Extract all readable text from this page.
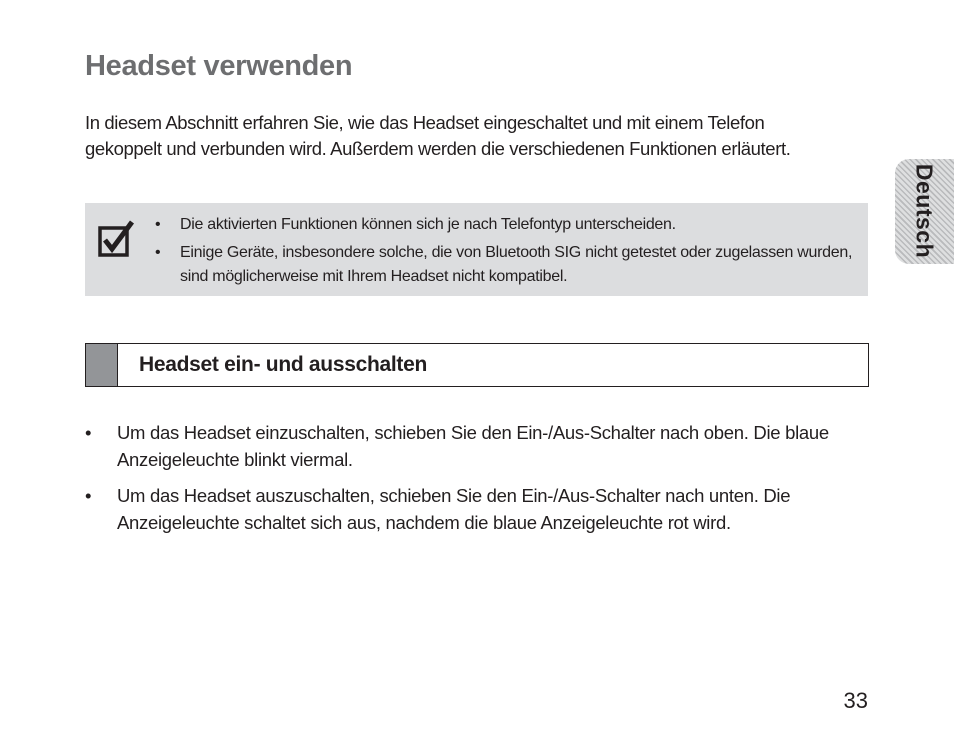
Headset verwenden

In diesem Abschnitt erfahren Sie, wie das Headset eingeschaltet und mit einem Telefon gekoppelt und verbunden wird. Außerdem werden die verschiedenen Funktionen erläutert.

• Die aktivierten Funktionen können sich je nach Telefontyp unterscheiden.
• Einige Geräte, insbesondere solche, die von Bluetooth SIG nicht getestet oder zugelassen wurden, sind möglicherweise mit Ihrem Headset nicht kompatibel.
Headset ein- und ausschalten
• Um das Headset einzuschalten, schieben Sie den Ein-/Aus-Schalter nach oben. Die blaue Anzeigeleuchte blinkt viermal.
• Um das Headset auszuschalten, schieben Sie den Ein-/Aus-Schalter nach unten. Die Anzeigeleuchte schaltet sich aus, nachdem die blaue Anzeigeleuchte rot wird.
Deutsch
33
